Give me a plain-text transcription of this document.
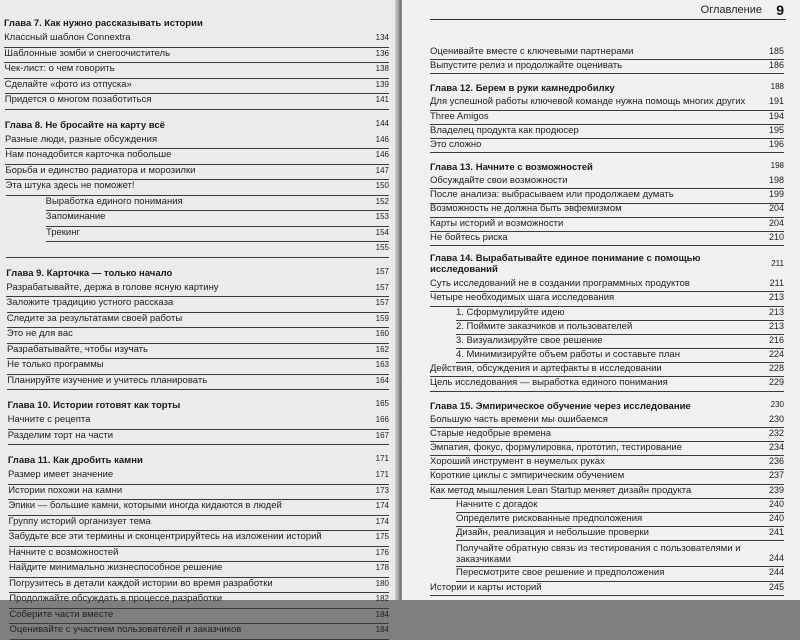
Глава 7. Как нужно рассказывать истории
Классный шаблон Connextra	134
Шаблонные зомби и снегоочиститель	136
Чек-лист: о чем говорить	138
Сделайте «фото из отпуска»	139
Придется о многом позаботиться	141
Глава 8. Не бросайте на карту всё	144
Разные люди, разные обсуждения	146
Нам понадобится карточка побольше	146
Борьба и единство радиатора и морозилки	147
Эта штука здесь не поможет!	150
Выработка единого понимания	152
Запоминание	153
Трекинг	154
155
Глава 9. Карточка — только начало	157
Разрабатывайте, держа в голове ясную картину	157
Заложите традицию устного рассказа	157
Следите за результатами своей работы	159
Это не для вас	160
Разрабатывайте, чтобы изучать	162
Не только программы	163
Планируйте изучение и учитесь планировать	164
Глава 10. Истории готовят как торты	165
Начните с рецепта	166
Разделим торт на части	167
Глава 11. Как дробить камни	171
Размер имеет значение	171
Истории похожи на камни	173
Эпики — большие камни, которыми иногда кидаются в людей	174
Группу историй организует тема	174
Забудьте все эти термины и сконцентрируйтесь на изложении историй	175
Начните с возможностей	176
Найдите минимально жизнеспособное решение	178
Погрузитесь в детали каждой истории во время разработки	180
Продолжайте обсуждать в процессе разработки	182
Соберите части вместе	184
Оценивайте с участием пользователей и заказчиков	184
Оглавление 9
Оценивайте вместе с ключевыми партнерами	185
Выпустите релиз и продолжайте оценивать	186
Глава 12. Берем в руки камнедробилку	188
Для успешной работы ключевой команде нужна помощь многих других	191
Three Amigos	194
Владелец продукта как продюсер	195
Это сложно	196
Глава 13. Начните с возможностей	198
Обсуждайте свои возможности	198
После анализа: выбрасываем или продолжаем думать	199
Возможность не должна быть эвфемизмом	204
Карты историй и возможности	204
Не бойтесь риска	210
Глава 14. Вырабатывайте единое понимание с помощью исследований
211
Суть исследований не в создании программных продуктов	211
Четыре необходимых шага исследования	213
1. Сформулируйте идею	213
2. Поймите заказчиков и пользователей	213
3. Визуализируйте свое решение	216
4. Минимизируйте объем работы и составьте план	224
Действия, обсуждения и артефакты в исследовании	228
Цель исследования — выработка единого понимания	229
Глава 15. Эмпирическое обучение через исследование	230
Большую часть времени мы ошибаемся	230
Старые недобрые времена	232
Эмпатия, фокус, формулировка, прототип, тестирование	234
Хороший инструмент в неумелых руках	236
Короткие циклы с эмпирическим обучением	237
Как метод мышления Lean Startup меняет дизайн продукта	239
Начните с догадок	240
Определите рискованные предположения	240
Дизайн, реализация и небольшие проверки	241
Получайте обратную связь из тестирования с пользователями и заказчиками	244
Пересмотрите свое решение и предположения	244
Истории и карты историй	245
